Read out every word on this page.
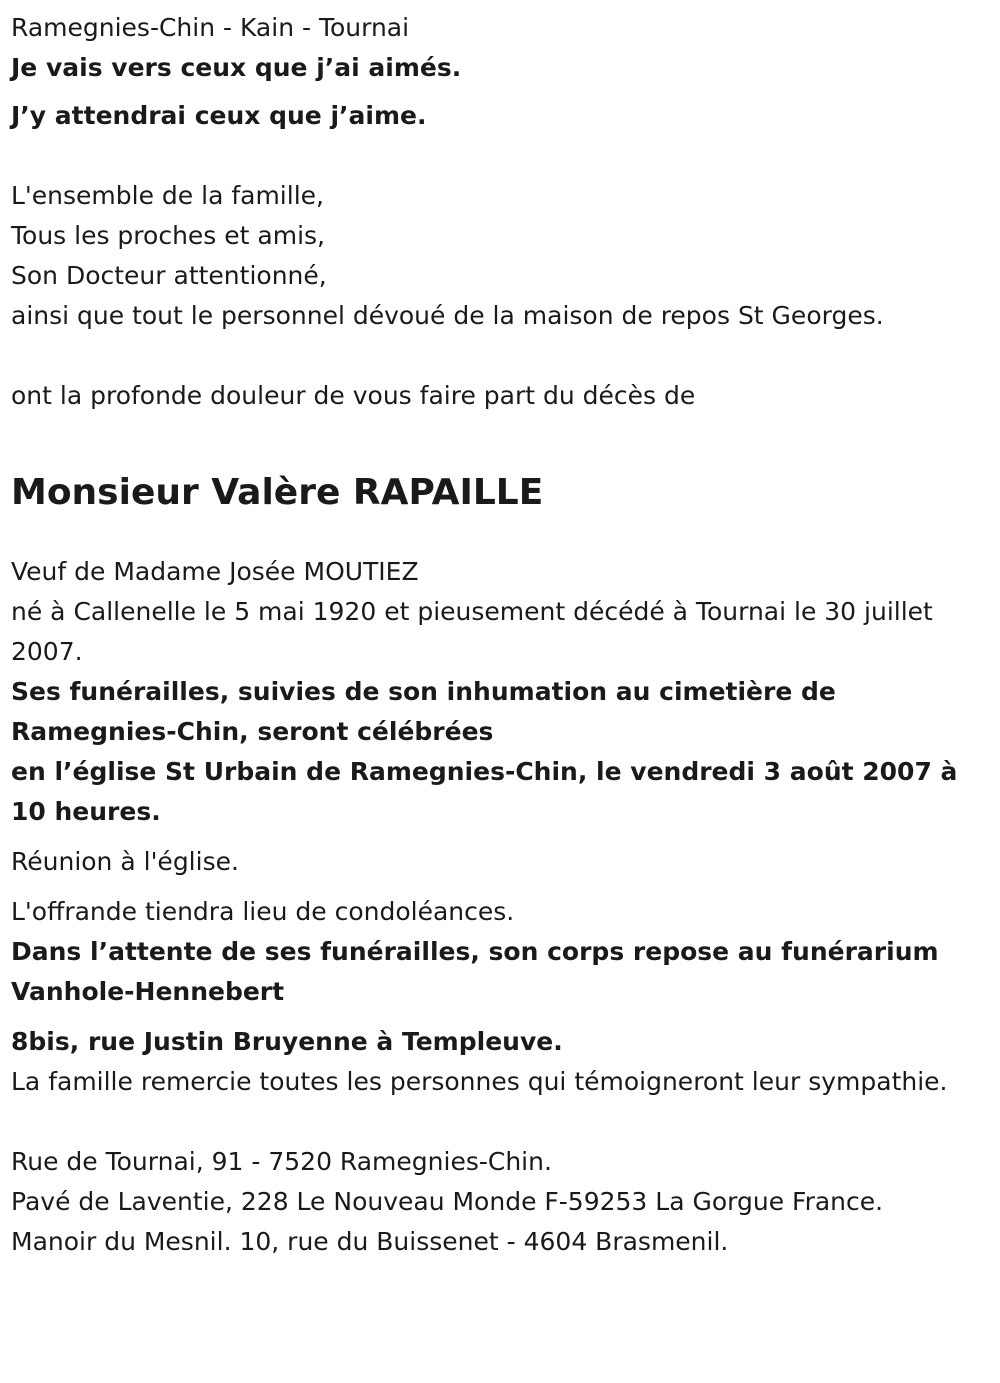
Ramegnies-Chin - Kain - Tournai

Je vais vers ceux que j’ai aimés.

J’y attendrai ceux que j’aime.

L'ensemble de la famille,

Tous les proches et amis,

Son Docteur attentionné,

ainsi que tout le personnel dévoué de la maison de repos St Georges.

ont la profonde douleur de vous faire part du décès de

Monsieur Valère RAPAILLE

Veuf de Madame Josée MOUTIEZ

né à Callenelle le 5 mai 1920 et pieusement décédé à Tournai le 30 juillet 2007.

Ses funérailles, suivies de son inhumation au cimetière de Ramegnies-Chin, seront célébrées

en l’église St Urbain de Ramegnies-Chin, le vendredi 3 août 2007 à 10 heures.

Réunion à l'église.

L'offrande tiendra lieu de condoléances.

Dans l’attente de ses funérailles, son corps repose au funérarium Vanhole-Hennebert

8bis, rue Justin Bruyenne à Templeuve.

La famille remercie toutes les personnes qui témoigneront leur sympathie.

Rue de Tournai, 91 - 7520 Ramegnies-Chin.

Pavé de Laventie, 228 Le Nouveau Monde F-59253 La Gorgue France.

Manoir du Mesnil. 10, rue du Buissenet - 4604 Brasmenil.
